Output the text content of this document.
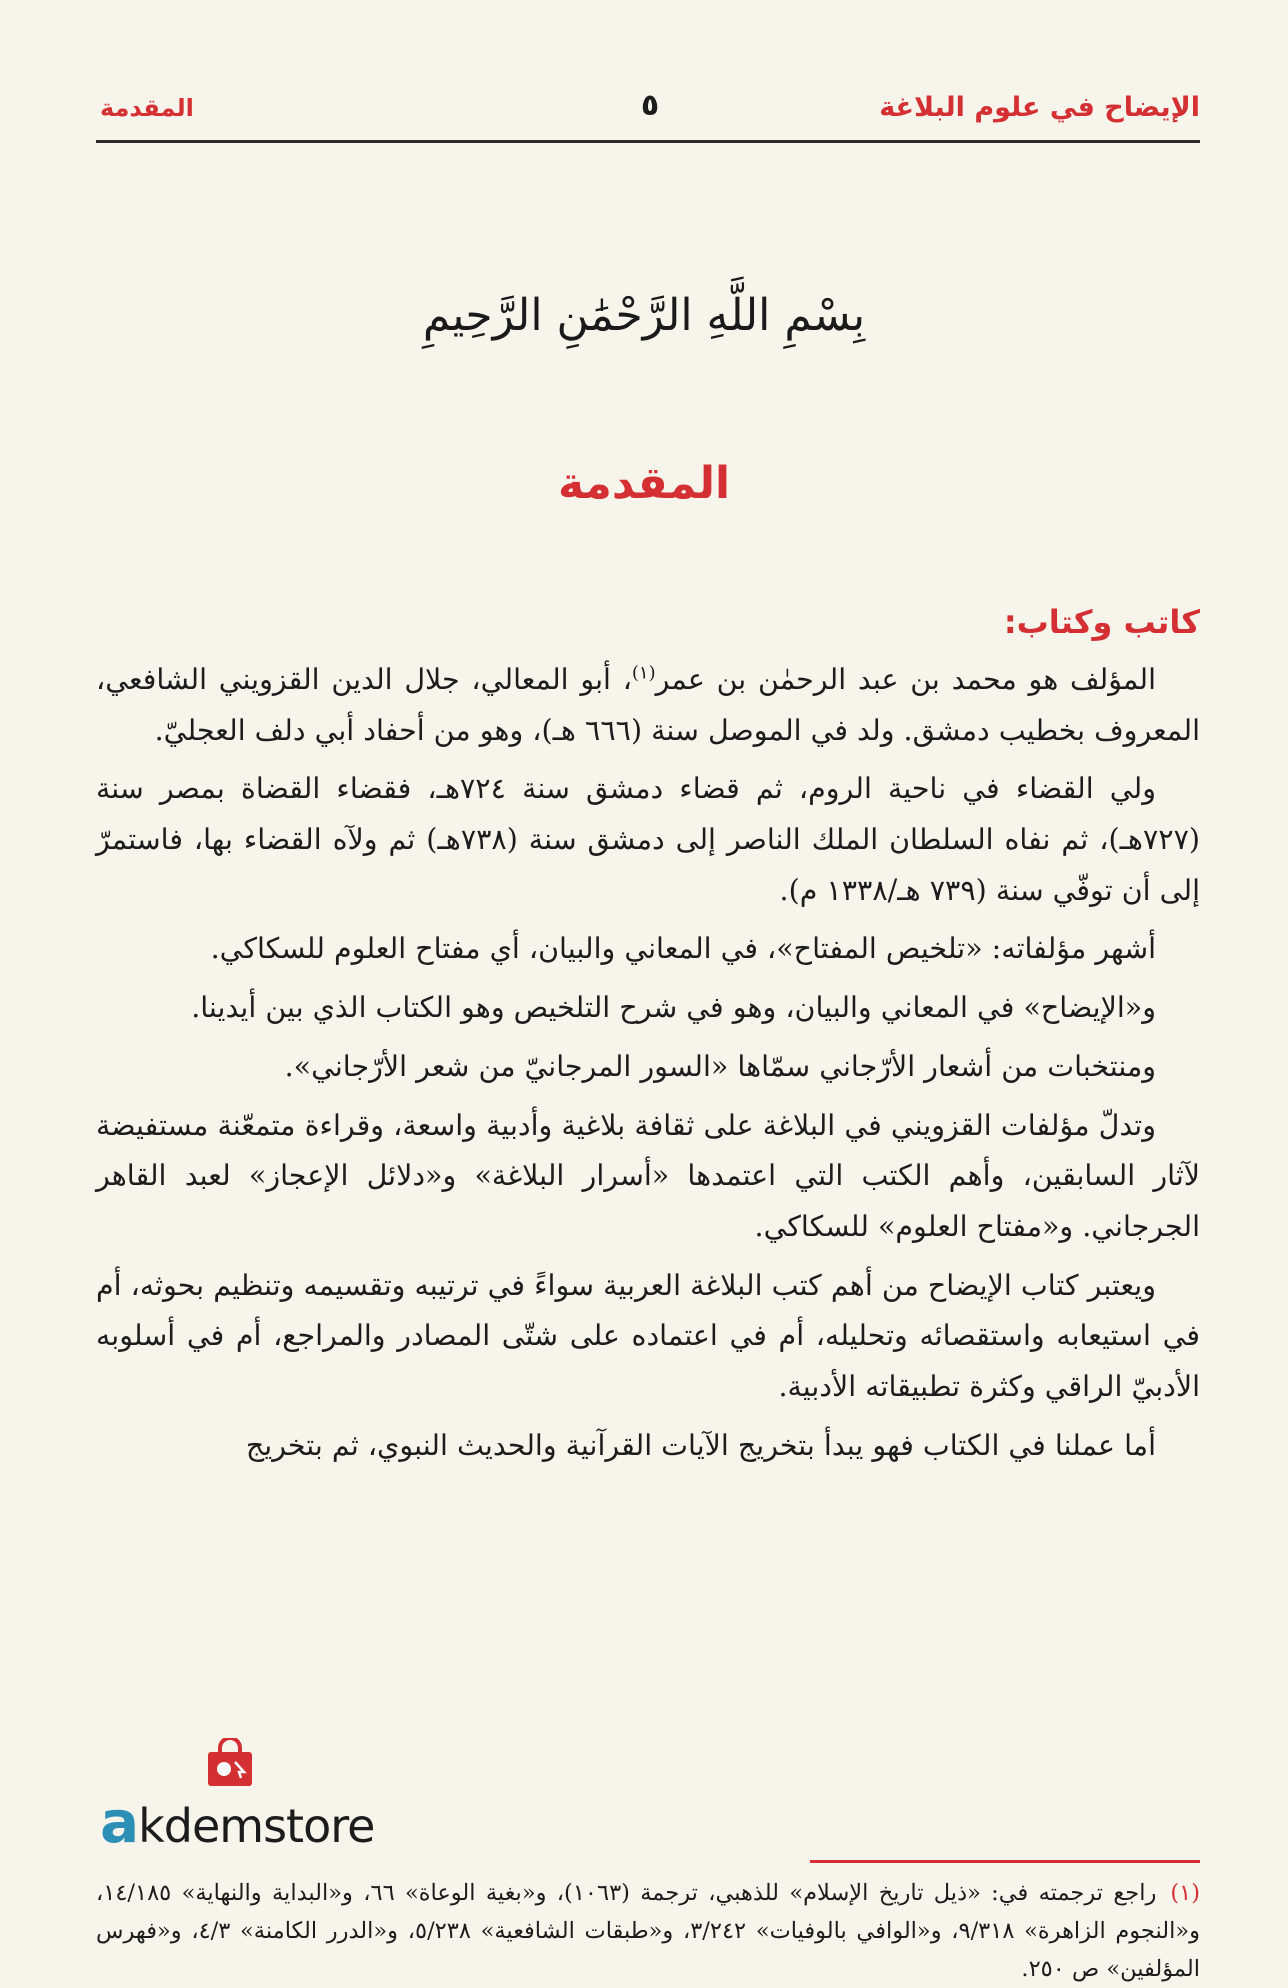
الإيضاح في علوم البلاغة
٥
المقدمة
بِسْمِ اللَّهِ الرَّحْمَٰنِ الرَّحِيمِ
المقدمة
كاتب وكتاب:

المؤلف هو محمد بن عبد الرحمٰن بن عمر$^{(١)}$، أبو المعالي، جلال الدين القزويني الشافعي، المعروف بخطيب دمشق. ولد في الموصل سنة (٦٦٦ هـ)، وهو من أحفاد أبي دلف العجليّ.

ولي القضاء في ناحية الروم، ثم قضاء دمشق سنة ٧٢٤هـ، فقضاء القضاة بمصر سنة (٧٢٧هـ)، ثم نفاه السلطان الملك الناصر إلى دمشق سنة (٧٣٨هـ) ثم ولآه القضاء بها، فاستمرّ إلى أن توفّي سنة (٧٣٩ هـ/١٣٣٨ م).

أشهر مؤلفاته: «تلخيص المفتاح»، في المعاني والبيان، أي مفتاح العلوم للسكاكي.

و«الإيضاح» في المعاني والبيان، وهو في شرح التلخيص وهو الكتاب الذي بين أيدينا.

ومنتخبات من أشعار الأرّجاني سمّاها «السور المرجانيّ من شعر الأرّجاني».

وتدلّ مؤلفات القزويني في البلاغة على ثقافة بلاغية وأدبية واسعة، وقراءة متمعّنة مستفيضة لآثار السابقين، وأهم الكتب التي اعتمدها «أسرار البلاغة» و«دلائل الإعجاز» لعبد القاهر الجرجاني. و«مفتاح العلوم» للسكاكي.

ويعتبر كتاب الإيضاح من أهم كتب البلاغة العربية سواءً في ترتيبه وتقسيمه وتنظيم بحوثه، أم في استيعابه واستقصائه وتحليله، أم في اعتماده على شتّى المصادر والمراجع، أم في أسلوبه الأدبيّ الراقي وكثرة تطبيقاته الأدبية.

أما عملنا في الكتاب فهو يبدأ بتخريج الآيات القرآنية والحديث النبوي، ثم بتخريج

(١)راجع ترجمته في: «ذيل تاريخ الإسلام» للذهبي، ترجمة (١٠٦٣)، و«بغية الوعاة» ٦٦، و«البداية والنهاية» ١٤/١٨٥، و«النجوم الزاهرة» ٩/٣١٨، و«الوافي بالوفيات» ٣/٢٤٢، و«طبقات الشافعية» ٥/٢٣٨، و«الدرر الكامنة» ٤/٣، و«فهرس المؤلفين» ص ٢٥٠.
akdemstore
